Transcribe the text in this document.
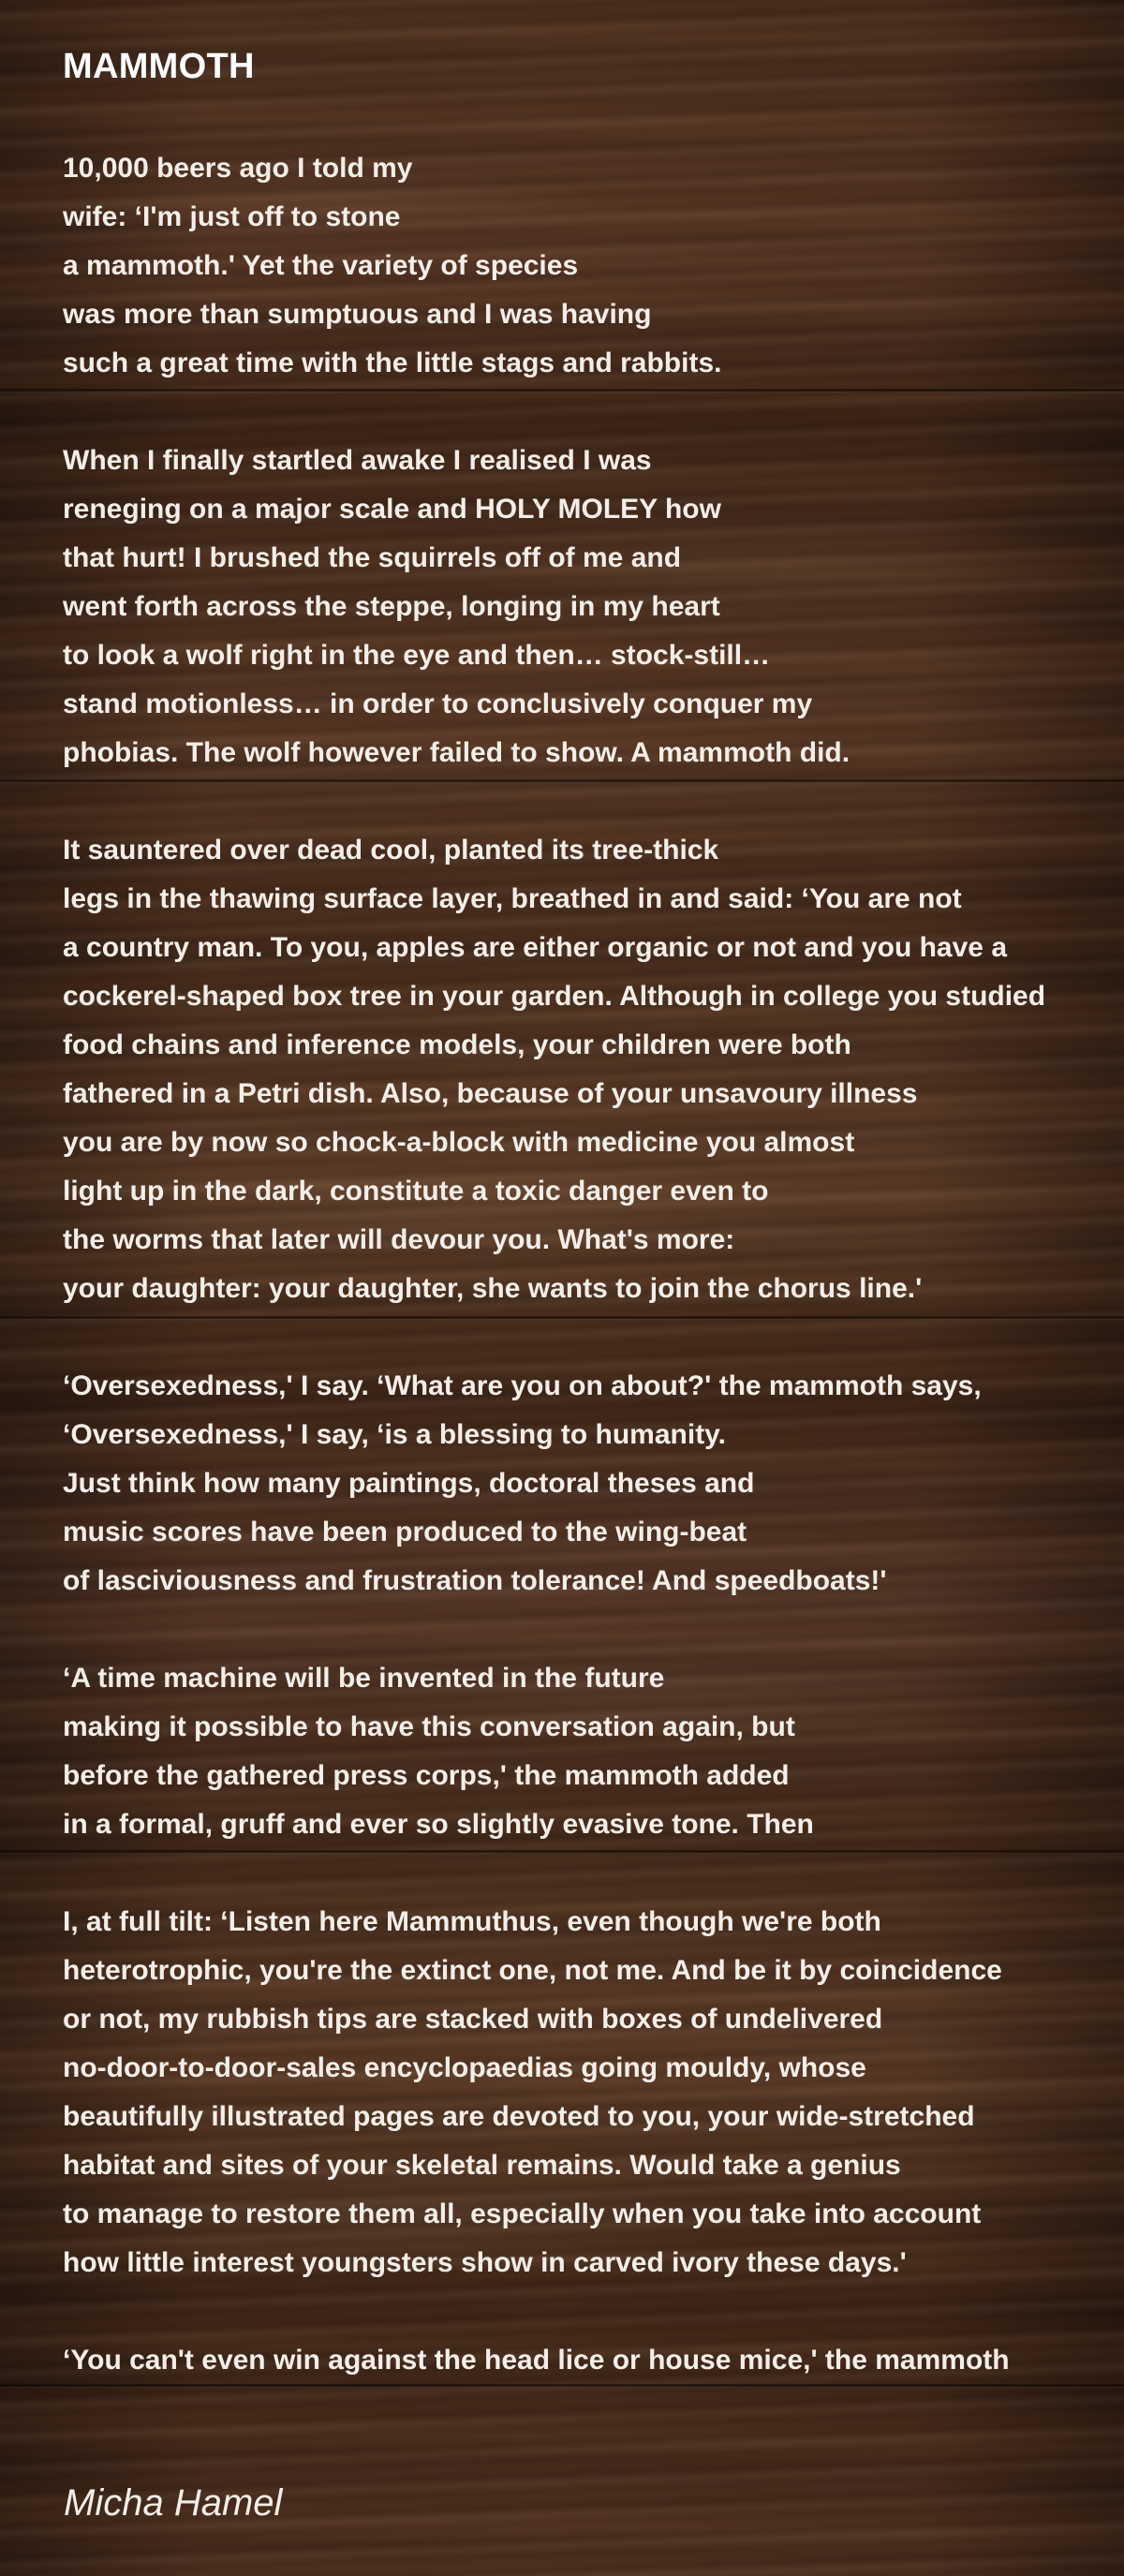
MAMMOTH
10,000 beers ago I told my
wife: ‘I'm just off to stone
a mammoth.' Yet the variety of species
was more than sumptuous and I was having
such a great time with the little stags and rabbits.
When I finally startled awake I realised I was
reneging on a major scale and HOLY MOLEY how
that hurt! I brushed the squirrels off of me and
went forth across the steppe, longing in my heart
to look a wolf right in the eye and then… stock-still…
stand motionless… in order to conclusively conquer my
phobias. The wolf however failed to show. A mammoth did.
It sauntered over dead cool, planted its tree-thick
legs in the thawing surface layer, breathed in and said: ‘You are not
a country man. To you, apples are either organic or not and you have a
cockerel-shaped box tree in your garden. Although in college you studied
food chains and inference models, your children were both
fathered in a Petri dish. Also, because of your unsavoury illness
you are by now so chock-a-block with medicine you almost
light up in the dark, constitute a toxic danger even to
the worms that later will devour you. What's more:
your daughter: your daughter, she wants to join the chorus line.'
‘Oversexedness,' I say. ‘What are you on about?' the mammoth says,
‘Oversexedness,' I say, ‘is a blessing to humanity.
Just think how many paintings, doctoral theses and
music scores have been produced to the wing-beat
of lasciviousness and frustration tolerance! And speedboats!'
‘A time machine will be invented in the future
making it possible to have this conversation again, but
before the gathered press corps,' the mammoth added
in a formal, gruff and ever so slightly evasive tone. Then
I, at full tilt: ‘Listen here Mammuthus, even though we're both
heterotrophic, you're the extinct one, not me. And be it by coincidence
or not, my rubbish tips are stacked with boxes of undelivered
no-door-to-door-sales encyclopaedias going mouldy, whose
beautifully illustrated pages are devoted to you, your wide-stretched
habitat and sites of your skeletal remains. Would take a genius
to manage to restore them all, especially when you take into account
how little interest youngsters show in carved ivory these days.'
‘You can't even win against the head lice or house mice,' the mammoth

Micha Hamel
